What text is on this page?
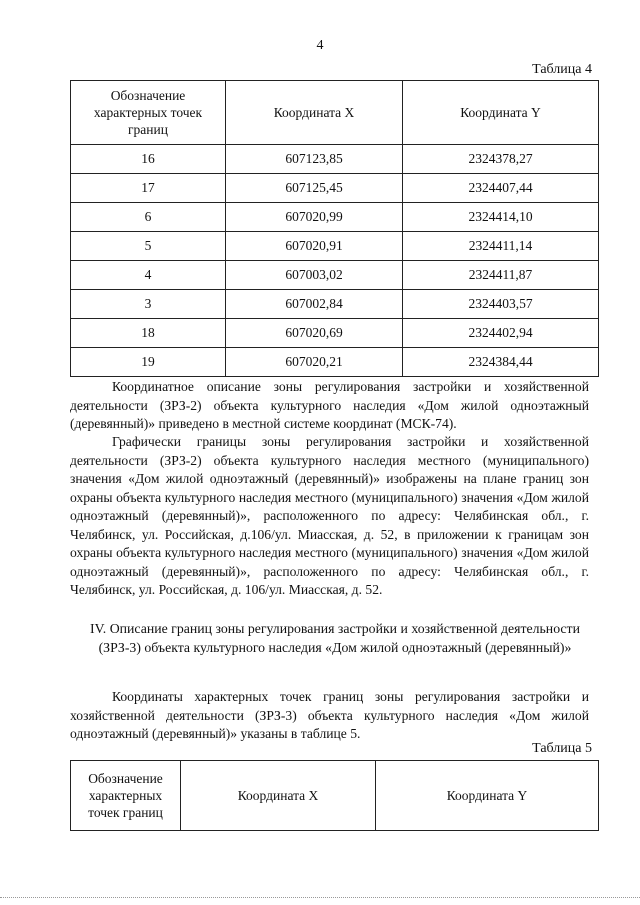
4
Таблица 4
Обозначение характерных точек границ	Координата X	Координата Y
16	607123,85	2324378,27
17	607125,45	2324407,44
6	607020,99	2324414,10
5	607020,91	2324411,14
4	607003,02	2324411,87
3	607002,84	2324403,57
18	607020,69	2324402,94
19	607020,21	2324384,44

Координатное описание зоны регулирования застройки и хозяйственной деятельности (ЗРЗ-2) объекта культурного наследия «Дом жилой одноэтажный (деревянный)» приведено в местной системе координат (МСК-74).

Графически границы зоны регулирования застройки и хозяйственной деятельности (ЗРЗ-2) объекта культурного наследия местного (муниципального) значения «Дом жилой одноэтажный (деревянный)» изображены на плане границ зон охраны объекта культурного наследия местного (муниципального) значения «Дом жилой одноэтажный (деревянный)», расположенного по адресу: Челябинская обл., г. Челябинск, ул. Российская, д.106/ул. Миасская, д. 52, в приложении к границам зон охраны объекта культурного наследия местного (муниципального) значения «Дом жилой одноэтажный (деревянный)», расположенного по адресу: Челябинская обл., г. Челябинск, ул. Российская, д. 106/ул. Миасская, д. 52.

IV. Описание границ зоны регулирования застройки и хозяйственной деятельности (ЗРЗ-3) объекта культурного наследия «Дом жилой одноэтажный (деревянный)»

Координаты характерных точек границ зоны регулирования застройки и хозяйственной деятельности (ЗРЗ-3) объекта культурного наследия «Дом жилой одноэтажный (деревянный)» указаны в таблице 5.

Таблица 5
Обозначение характерных точек границ	Координата X	Координата Y
